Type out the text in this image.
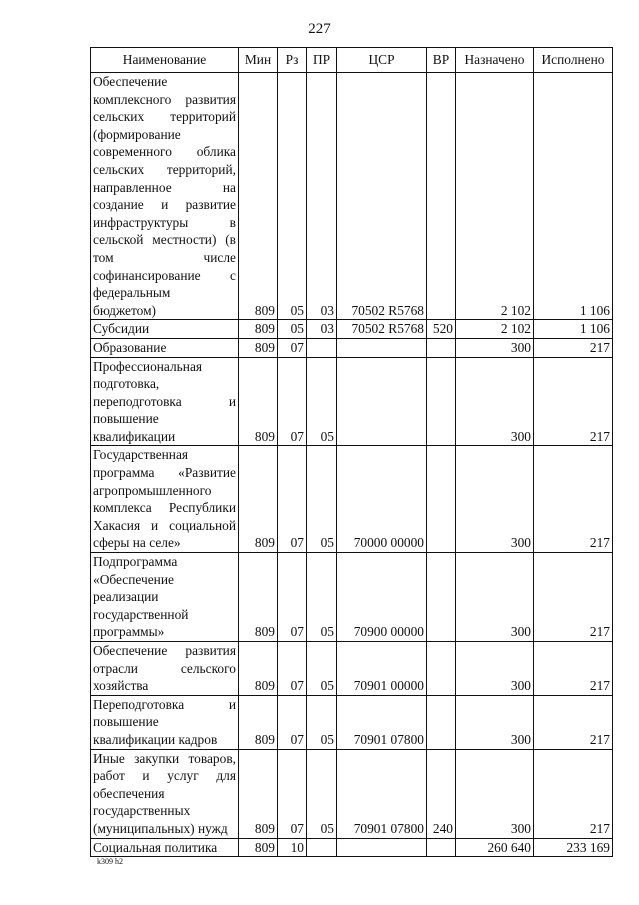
227
Наименование	Мин	Рз	ПР	ЦСР	ВР	Назначено	Исполнено
Обеспечение комплексного развития сельских территорий (формирование современного облика сельских территорий, направленное на создание и развитие инфраструктуры в сельской местности) (в том числе софинансирование с федеральным бюджетом)	809	05	03	70502 R5768		2 102	1 106
Субсидии	809	05	03	70502 R5768	520	2 102	1 106
Образование	809	07				300	217
Профессиональная подготовка, переподготовка и повышение квалификации	809	07	05			300	217
Государственная программа «Развитие агропромышленного комплекса Республики Хакасия и социальной сферы на селе»	809	07	05	70000 00000		300	217
Подпрограмма «Обеспечение реализации государственной программы»	809	07	05	70900 00000		300	217
Обеспечение развития отрасли сельского хозяйства	809	07	05	70901 00000		300	217
Переподготовка и повышение квалификации кадров	809	07	05	70901 07800		300	217
Иные закупки товаров, работ и услуг для обеспечения государственных (муниципальных) нужд	809	07	05	70901 07800	240	300	217
Социальная политика	809	10				260 640	233 169
k309 h2
